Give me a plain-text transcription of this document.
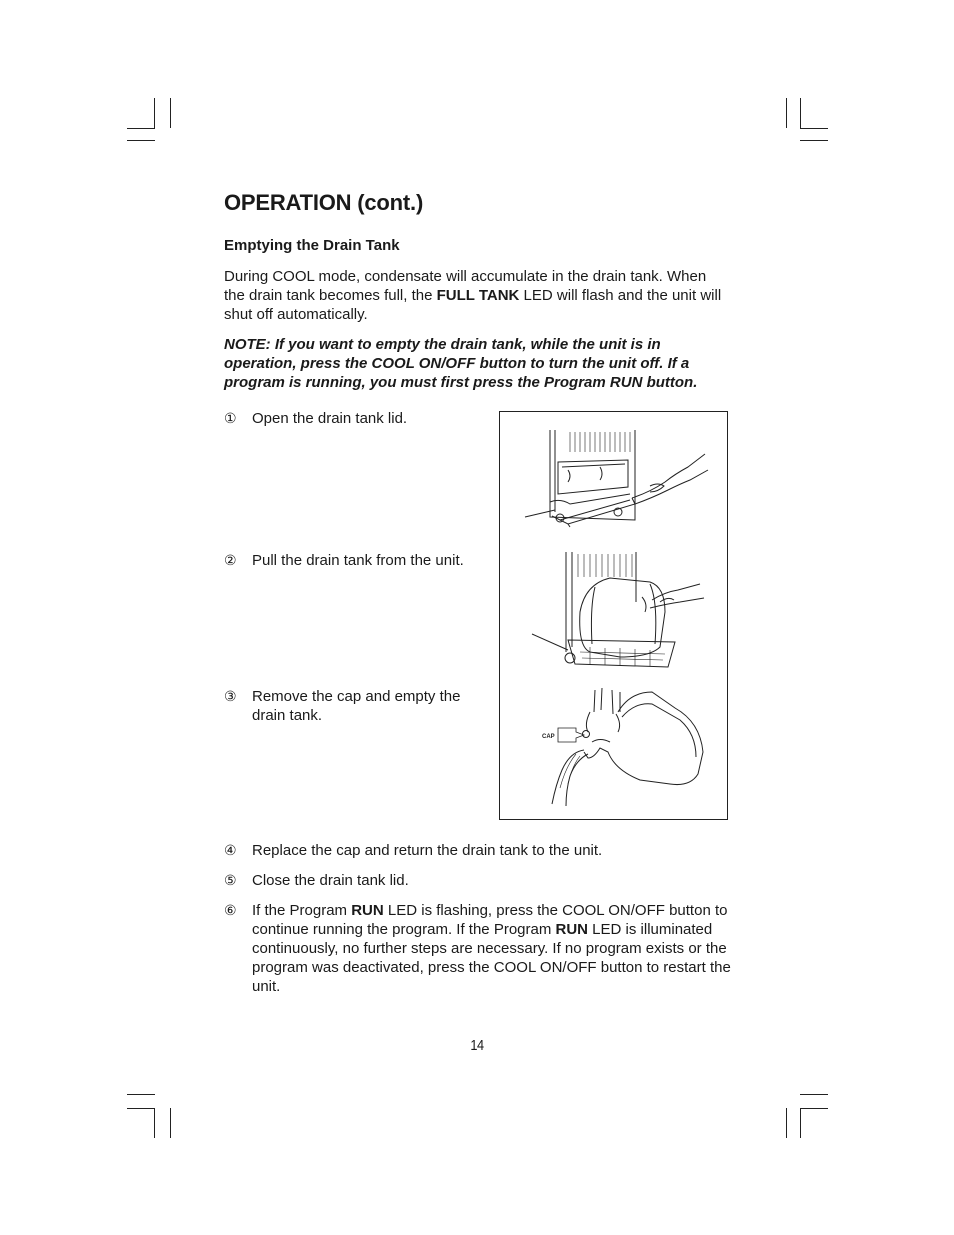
OPERATION (cont.)
Emptying the Drain Tank
During COOL mode, condensate will accumulate in the drain tank. When the drain tank becomes full, the FULL TANK LED will flash and the unit will shut off automatically.
NOTE: If you want to empty the drain tank, while the unit is in operation, press the COOL ON/OFF button to turn the unit off. If a program is running, you must first press the Program RUN button.
①	Open the drain tank lid.
②	Pull the drain tank from the unit.
③	Remove the cap and empty the drain tank.
CAP
④	Replace the cap and return the drain tank to the unit.
⑤	Close the drain tank lid.
⑥	If the Program RUN LED is flashing, press the COOL ON/OFF button to continue running the program. If the Program RUN LED is illuminated continuously, no further steps are necessary. If no program exists or the program was deactivated, press the COOL ON/OFF button to restart the unit.
14
